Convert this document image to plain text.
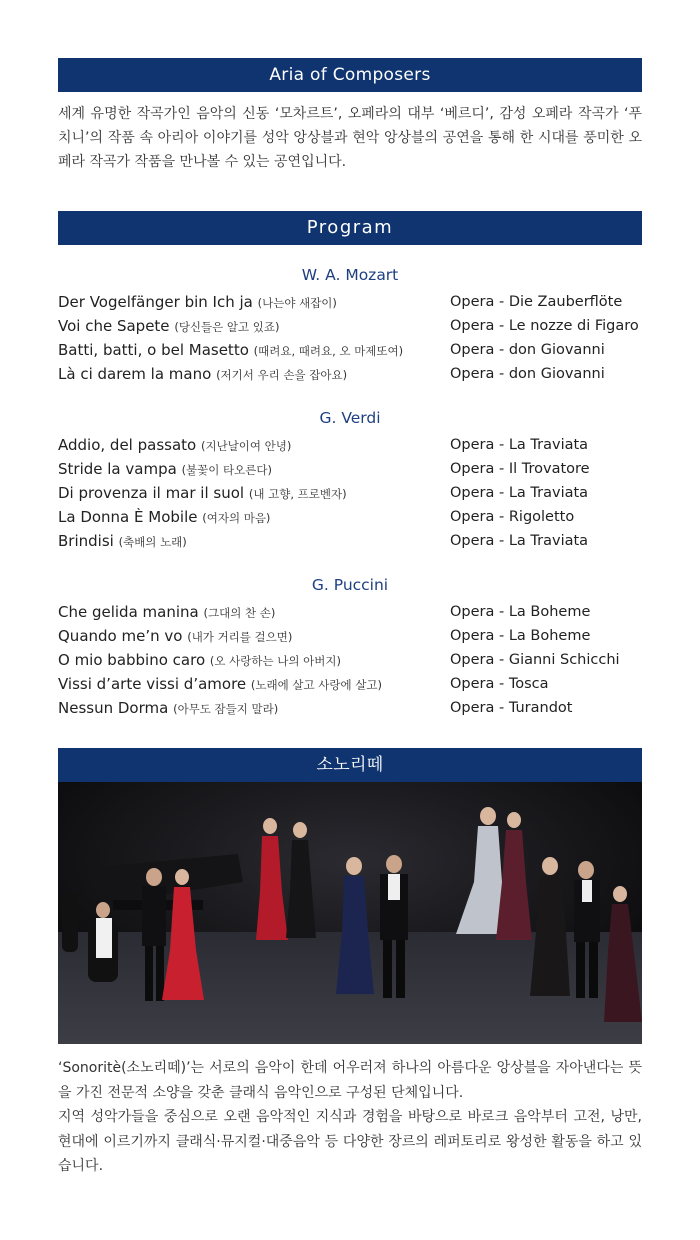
Aria of Composers

세계 유명한 작곡가인 음악의 신동 ‘모차르트’, 오페라의 대부 ‘베르디’, 감성 오페라 작곡가 ‘푸치니’의 작품 속 아리아 이야기를 성악 앙상블과 현악 앙상블의 공연을 통해 한 시대를 풍미한 오페라 작곡가 작품을 만나볼 수 있는 공연입니다.

Program
W. A. Mozart
Der Vogelfänger bin Ich ja (나는야 새잡이)	Opera - Die Zauberflöte
Voi che Sapete (당신들은 알고 있죠)	Opera - Le nozze di Figaro
Batti, batti, o bel Masetto (때려요, 때려요, 오 마제또여)	Opera - don Giovanni
Là ci darem la mano (저기서 우리 손을 잡아요)	Opera - don Giovanni
G. Verdi
Addio, del passato (지난날이여 안녕)	Opera - La Traviata
Stride la vampa (불꽃이 타오른다)	Opera - Il Trovatore
Di provenza il mar il suol (내 고향, 프로벤자)	Opera - La Traviata
La Donna È Mobile (여자의 마음)	Opera - Rigoletto
Brindisi (축배의 노래)	Opera - La Traviata
G. Puccini
Che gelida manina (그대의 찬 손)	Opera - La Boheme
Quando me’n vo (내가 거리를 걸으면)	Opera - La Boheme
O mio babbino caro (오 사랑하는 나의 아버지)	Opera - Gianni Schicchi
Vissi d’arte vissi d’amore (노래에 살고 사랑에 살고)	Opera - Tosca
Nessun Dorma (아무도 잠들지 말라)	Opera - Turandot
소노리떼

‘Sonoritè(소노리떼)’는 서로의 음악이 한데 어우러져 하나의 아름다운 앙상블을 자아낸다는 뜻을 가진 전문적 소양을 갖춘 클래식 음악인으로 구성된 단체입니다.

지역 성악가들을 중심으로 오랜 음악적인 지식과 경험을 바탕으로 바로크 음악부터 고전, 낭만, 현대에 이르기까지 클래식·뮤지컬·대중음악 등 다양한 장르의 레퍼토리로 왕성한 활동을 하고 있습니다.
